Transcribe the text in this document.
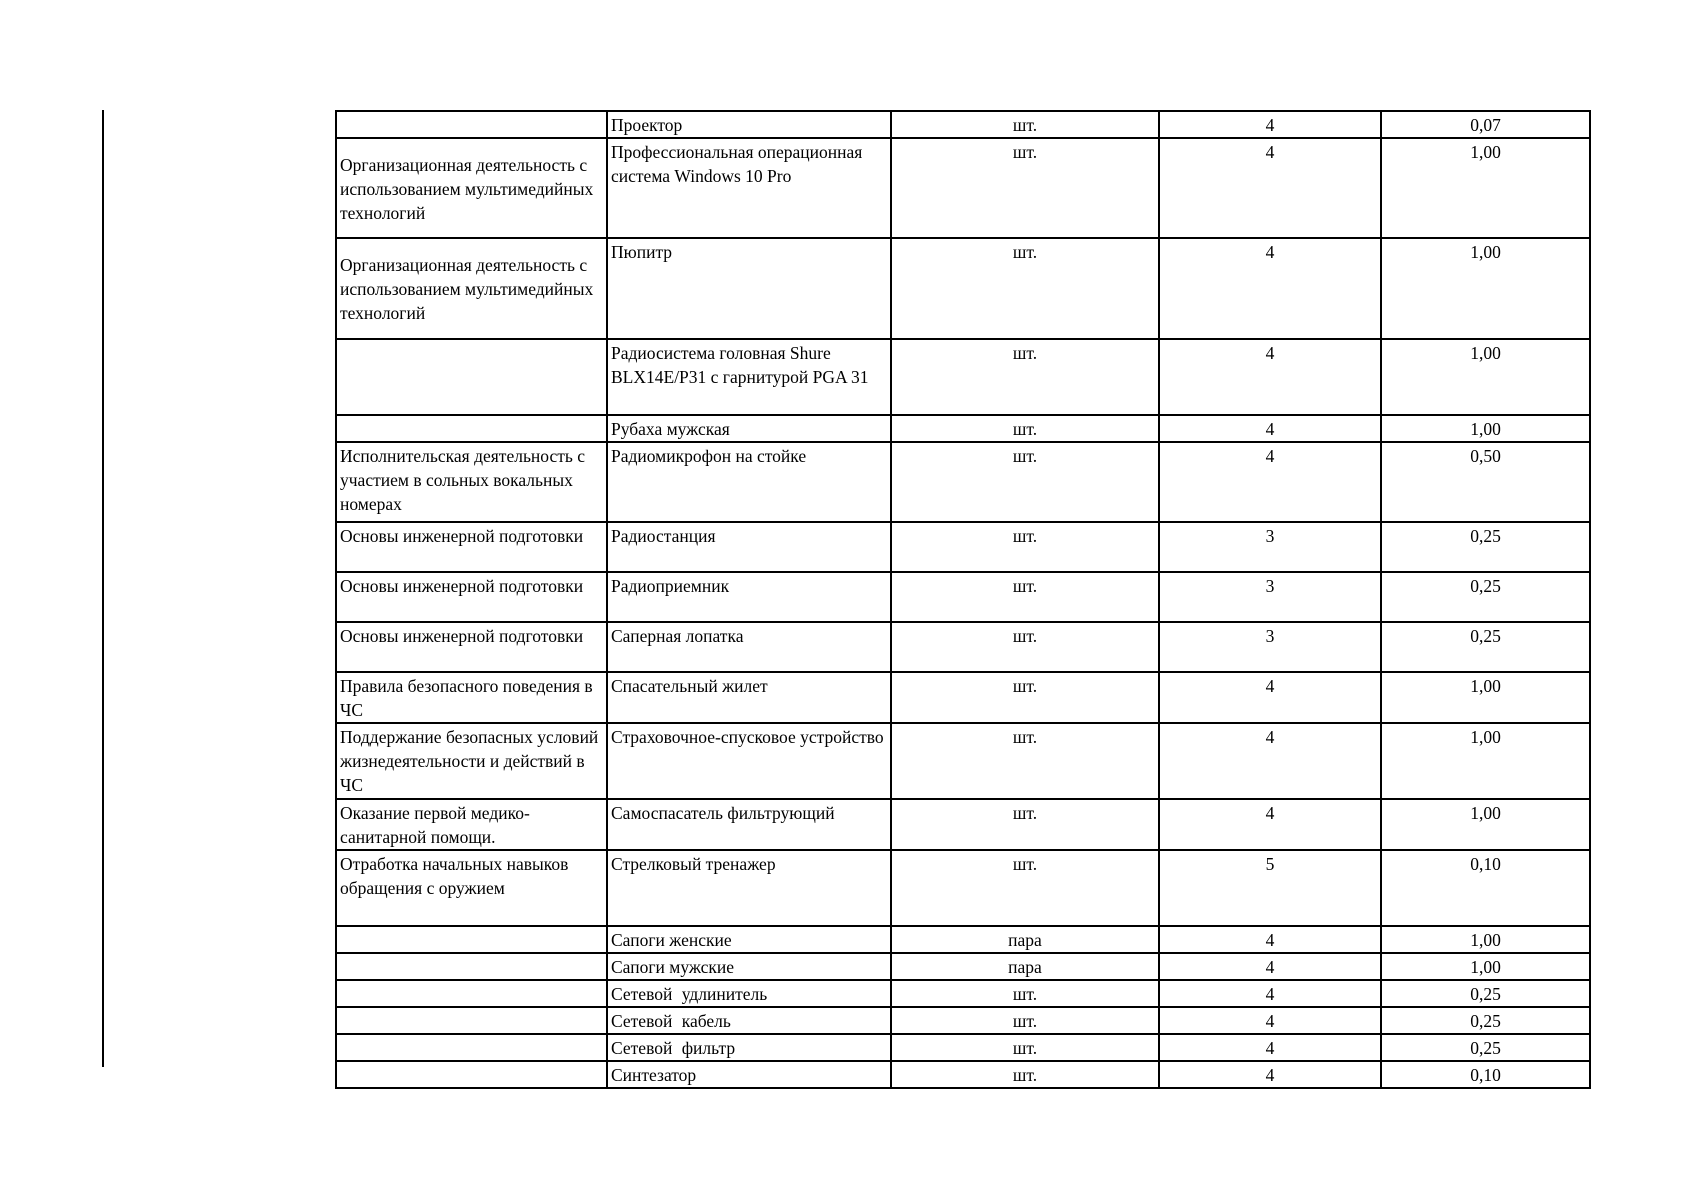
	Проектор	шт.	4	0,07
Организационная деятельность с использованием мультимедийных технологий	Профессиональная операционная система Windows 10 Pro	шт.	4	1,00
Организационная деятельность с использованием мультимедийных технологий	Пюпитр	шт.	4	1,00
	Радиосистема головная Shure BLX14E/P31 с гарнитурой PGA 31	шт.	4	1,00
	Рубаха мужская	шт.	4	1,00
Исполнительская деятельность с участием в сольных вокальных номерах	Радиомикрофон на стойке	шт.	4	0,50
Основы инженерной подготовки	Радиостанция	шт.	3	0,25
Основы инженерной подготовки	Радиоприемник	шт.	3	0,25
Основы инженерной подготовки	Саперная лопатка	шт.	3	0,25
Правила безопасного поведения в ЧС	Спасательный жилет	шт.	4	1,00
Поддержание безопасных условий жизнедеятельности и действий в ЧС	Страховочное-спусковое устройство	шт.	4	1,00
Оказание первой медико-санитарной помощи.	Самоспасатель фильтрующий	шт.	4	1,00
Отработка начальных навыков обращения с оружием	Стрелковый тренажер	шт.	5	0,10
	Сапоги женские	пара	4	1,00
	Сапоги мужские	пара	4	1,00
	Сетевой удлинитель	шт.	4	0,25
	Сетевой кабель	шт.	4	0,25
	Сетевой фильтр	шт.	4	0,25
	Синтезатор	шт.	4	0,10
